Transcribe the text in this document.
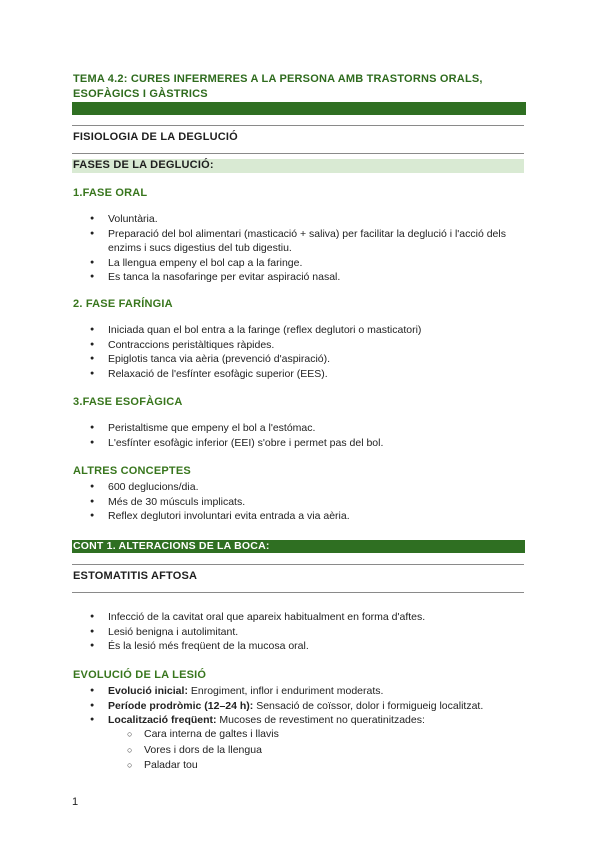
TEMA 4.2: CURES INFERMERES A LA PERSONA AMB TRASTORNS ORALS, ESOFÀGICS I GÀSTRICS
FISIOLOGIA DE LA DEGLUCIÓ
FASES DE LA DEGLUCIÓ:
1.FASE ORAL
● Voluntària.
● Preparació del bol alimentari (masticació + saliva) per facilitar la deglució i l'acció dels enzims i sucs digestius del tub digestiu.
● La llengua empeny el bol cap a la faringe.
● Es tanca la nasofaringe per evitar aspiració nasal.
2. FASE FARÍNGIA
● Iniciada quan el bol entra a la faringe (reflex deglutori o masticatori)
● Contraccions peristàltiques ràpides.
● Epiglotis tanca via aèria (prevenció d'aspiració).
● Relaxació de l'esfínter esofàgic superior (EES).
3.FASE ESOFÀGICA
● Peristaltisme que empeny el bol a l'estómac.
● L'esfínter esofàgic inferior (EEI) s'obre i permet pas del bol.
ALTRES CONCEPTES
● 600 deglucions/dia.
● Més de 30 músculs implicats.
● Reflex deglutori involuntari evita entrada a via aèria.
CONT 1. ALTERACIONS DE LA BOCA:
ESTOMATITIS AFTOSA
● Infecció de la cavitat oral que apareix habitualment en forma d'aftes.
● Lesió benigna i autolimitant.
● És la lesió més freqüent de la mucosa oral.
EVOLUCIÓ DE LA LESIÓ
● Evolució inicial: Enrogiment, inflor i enduriment moderats.
● Període prodròmic (12–24 h): Sensació de coïssor, dolor i formigueig localitzat.
● Localització freqüent: Mucoses de revestiment no queratinitzades:
○ Cara interna de galtes i llavis
○ Vores i dors de la llengua
○ Paladar tou
1
